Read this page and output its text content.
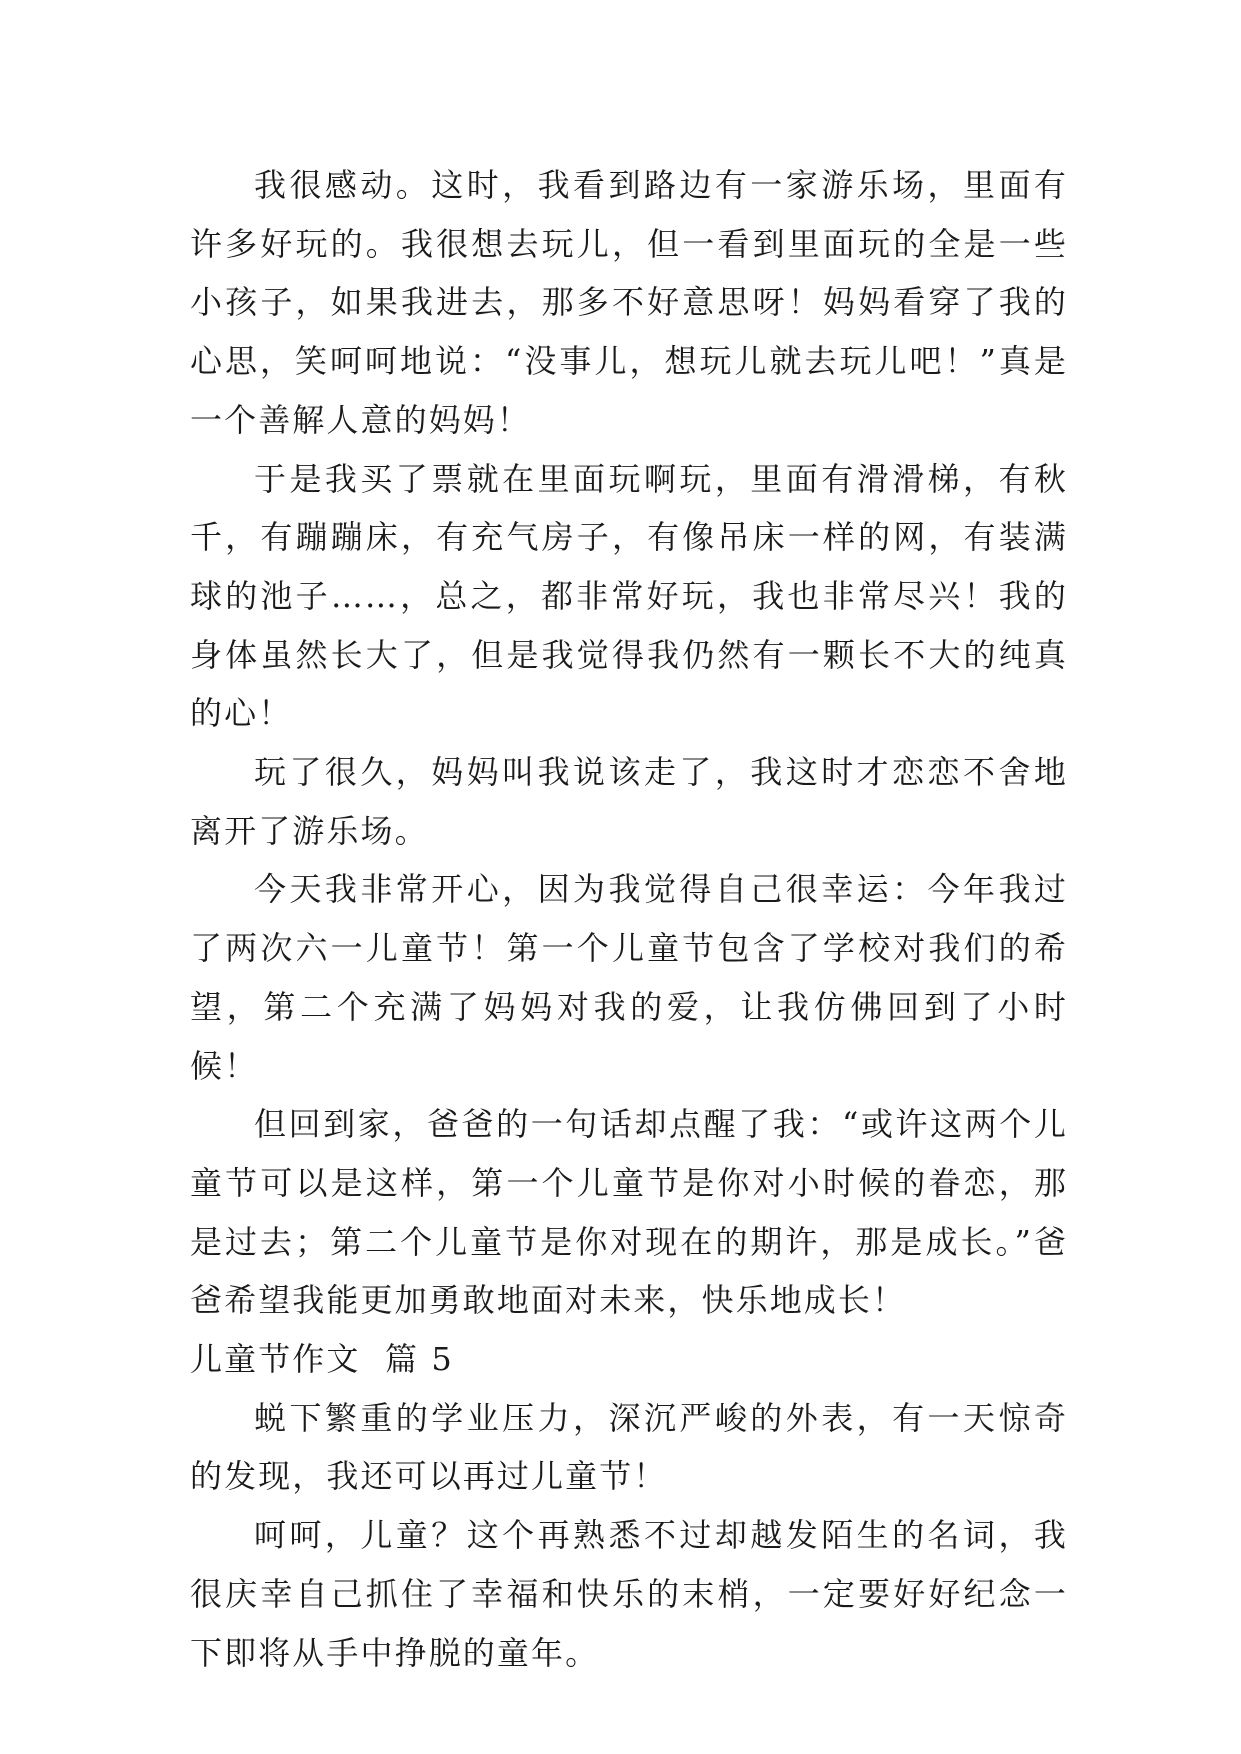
我很感动。这时，我看到路边有一家游乐场，里面有许多好玩的。我很想去玩儿，但一看到里面玩的全是一些小孩子，如果我进去，那多不好意思呀！妈妈看穿了我的心思，笑呵呵地说：“没事儿，想玩儿就去玩儿吧！”真是一个善解人意的妈妈！

于是我买了票就在里面玩啊玩，里面有滑滑梯，有秋千，有蹦蹦床，有充气房子，有像吊床一样的网，有装满球的池子……，总之，都非常好玩，我也非常尽兴！我的身体虽然长大了，但是我觉得我仍然有一颗长不大的纯真的心！

玩了很久，妈妈叫我说该走了，我这时才恋恋不舍地离开了游乐场。

今天我非常开心，因为我觉得自己很幸运：今年我过了两次六一儿童节！第一个儿童节包含了学校对我们的希望，第二个充满了妈妈对我的爱，让我仿佛回到了小时候！

但回到家，爸爸的一句话却点醒了我：“或许这两个儿童节可以是这样，第一个儿童节是你对小时候的眷恋，那是过去；第二个儿童节是你对现在的期许，那是成长。”爸爸希望我能更加勇敢地面对未来，快乐地成长！

儿童节作文  篇 5

蜕下繁重的学业压力，深沉严峻的外表，有一天惊奇的发现，我还可以再过儿童节！

呵呵，儿童？这个再熟悉不过却越发陌生的名词，我很庆幸自己抓住了幸福和快乐的末梢，一定要好好纪念一下即将从手中挣脱的童年。
